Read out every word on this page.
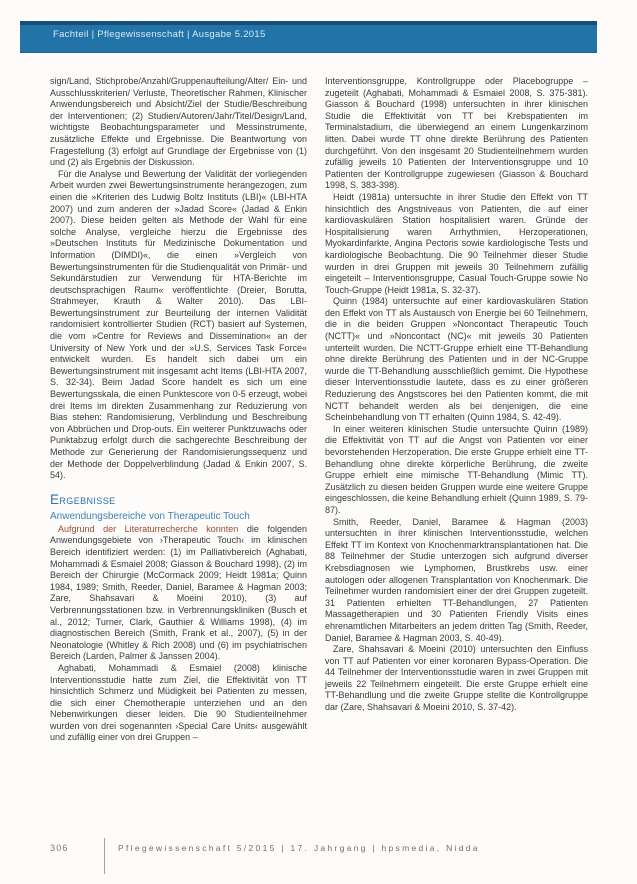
Fachteil | Pflegewissenschaft | Ausgabe 5.2015

sign/Land, Stichprobe/Anzahl/Gruppenaufteilung/Alter/ Ein- und Ausschlusskriterien/ Verluste, Theoretischer Rahmen, Klinischer Anwendungsbereich und Absicht/Ziel der Studie/Beschreibung der Interventionen; (2) Studien/Autoren/Jahr/Titel/Design/Land, wichtigste Beobachtungsparameter und Messinstrumente, zusätzliche Effekte und Ergebnisse. Die Beantwortung von Fragestellung (3) erfolgt auf Grundlage der Ergebnisse von (1) und (2) als Ergebnis der Diskussion.

Für die Analyse und Bewertung der Validität der vorliegenden Arbeit wurden zwei Bewertungsinstrumente herangezogen, zum einen die »Kriterien des Ludwig Boltz Instituts (LBI)« (LBI-HTA 2007) und zum anderen der »Jadad Score« (Jadad & Enkin 2007). Diese beiden gelten als Methode der Wahl für eine solche Analyse, vergleiche hierzu die Ergebnisse des »Deutschen Instituts für Medizinische Dokumentation und Information (DIMDI)«, die einen »Vergleich von Bewertungsinstrumenten für die Studienqualität von Primär- und Sekundärstudien zur Verwendung für HTA-Berichte im deutschsprachigen Raum« veröffentlichte (Dreier, Borutta, Strahmeyer, Krauth & Walter 2010). Das LBI-Bewertungsinstrument zur Beurteilung der internen Validität randomisiert kontrollierter Studien (RCT) basiert auf Systemen, die vom »Centre for Reviews and Dissemination« an der University of New York und der »U.S. Services Task Force« entwickelt wurden. Es handelt sich dabei um ein Bewertungsinstrument mit insgesamt acht Items (LBI-HTA 2007, S. 32-34). Beim Jadad Score handelt es sich um eine Bewertungsskala, die einen Punktescore von 0-5 erzeugt, wobei drei Items im direkten Zusammenhang zur Reduzierung von Bias stehen: Randomisierung, Verblindung und Beschreibung von Abbrüchen und Drop-outs. Ein weiterer Punktzuwachs oder Punktabzug erfolgt durch die sachgerechte Beschreibung der Methode zur Generierung der Randomisierungssequenz und der Methode der Doppelverblindung (Jadad & Enkin 2007, S. 54).

Ergebnisse
Anwendungsbereiche von Therapeutic Touch

Aufgrund der Literaturrecherche konnten die folgenden Anwendungsgebiete von ›Therapeutic Touch‹ im klinischen Bereich identifiziert werden: (1) im Palliativbereich (Aghabati, Mohammadi & Esmaiel 2008; Giasson & Bouchard 1998), (2) im Bereich der Chirurgie (McCormack 2009; Heidt 1981a; Quinn 1984, 1989; Smith, Reeder, Daniel, Baramee & Hagman 2003; Zare, Shahsavari & Moeini 2010), (3) auf Verbrennungsstationen bzw. in Verbrennungskliniken (Busch et al., 2012; Turner, Clark, Gauthier & Williams 1998), (4) im diagnostischen Bereich (Smith, Frank et al., 2007), (5) in der Neonatologie (Whitley & Rich 2008) und (6) im psychiatrischen Bereich (Larden, Palmer & Janssen 2004).

Aghabati, Mohammadi & Esmaiel (2008) klinische Interventionsstudie hatte zum Ziel, die Effektivität von TT hinsichtlich Schmerz und Müdigkeit bei Patienten zu messen, die sich einer Chemotherapie unterziehen und an den Nebenwirkungen dieser leiden. Die 90 Studienteilnehmer wurden von drei sogenannten ›Special Care Units‹ ausgewählt und zufällig einer von drei Gruppen –

Interventionsgruppe, Kontrollgruppe oder Placebogruppe – zugeteilt (Aghabati, Mohammadi & Esmaiel 2008, S. 375-381). Giasson & Bouchard (1998) untersuchten in ihrer klinischen Studie die Effektivität von TT bei Krebspatienten im Terminalstadium, die überwiegend an einem Lungenkarzinom litten. Dabei wurde TT ohne direkte Berührung des Patienten durchgeführt. Von den insgesamt 20 Studienteilnehmern wurden zufällig jeweils 10 Patienten der Interventionsgruppe und 10 Patienten der Kontrollgruppe zugewiesen (Giasson & Bouchard 1998, S. 383-398).

Heidt (1981a) untersuchte in ihrer Studie den Effekt von TT hinsichtlich des Angstniveaus von Patienten, die auf einer kardiovaskulären Station hospitalisiert waren. Gründe der Hospitalisierung waren Arrhythmien, Herzoperationen, Myokardinfarkte, Angina Pectoris sowie kardiologische Tests und kardiologische Beobachtung. Die 90 Teilnehmer dieser Studie wurden in drei Gruppen mit jeweils 30 Teilnehmern zufällig eingeteilt – Interventionsgruppe, Casual Touch-Gruppe sowie No Touch-Gruppe (Heidt 1981a, S. 32-37).

Quinn (1984) untersuchte auf einer kardiovaskulären Station den Effekt von TT als Austausch von Energie bei 60 Teilnehmern, die in die beiden Gruppen »Noncontact Therapeutic Touch (NCTT)« und »Noncontact (NC)« mit jeweils 30 Patienten unterteilt wurden. Die NCTT-Gruppe erhielt eine TT-Behandlung ohne direkte Berührung des Patienten und in der NC-Gruppe wurde die TT-Behandlung ausschließlich gemimt. Die Hypothese dieser Interventionsstudie lautete, dass es zu einer größeren Reduzierung des Angstscores bei den Patienten kommt, die mit NCTT behandelt werden als bei denjenigen, die eine Scheinbehandlung von TT erhalten (Quinn 1984, S. 42-49).

In einer weiteren klinischen Studie untersuchte Quinn (1989) die Effektivität von TT auf die Angst von Patienten vor einer bevorstehenden Herzoperation. Die erste Gruppe erhielt eine TT-Behandlung ohne direkte körperliche Berührung, die zweite Gruppe erhielt eine mimische TT-Behandlung (Mimic TT). Zusätzlich zu diesen beiden Gruppen wurde eine weitere Gruppe eingeschlossen, die keine Behandlung erhielt (Quinn 1989, S. 79-87).

Smith, Reeder, Daniel, Baramee & Hagman (2003) untersuchten in ihrer klinischen Interventionsstudie, welchen Effekt TT im Kontext von Knochenmarktransplantationen hat. Die 88 Teilnehmer der Studie unterzogen sich aufgrund diverser Krebsdiagnosen wie Lymphomen, Brustkrebs usw. einer autologen oder allogenen Transplantation von Knochenmark. Die Teilnehmer wurden randomisiert einer der drei Gruppen zugeteilt. 31 Patienten erhielten TT-Behandlungen, 27 Patienten Massagetherapien und 30 Patienten Friendly Visits eines ehrenamtlichen Mitarbeiters an jedem dritten Tag (Smith, Reeder, Daniel, Baramee & Hagman 2003, S. 40-49).

Zare, Shahsavari & Moeini (2010) untersuchten den Einfluss von TT auf Patienten vor einer koronaren Bypass-Operation. Die 44 Teilnehmer der Interventionsstudie waren in zwei Gruppen mit jeweils 22 Teilnehmern eingeteilt. Die erste Gruppe erhielt eine TT-Behandlung und die zweite Gruppe stellte die Kontrollgruppe dar (Zare, Shahsavari & Moeini 2010, S. 37-42).

306	Pflegewissenschaft 5/2015 | 17. Jahrgang | hpsmedia, Nidda
